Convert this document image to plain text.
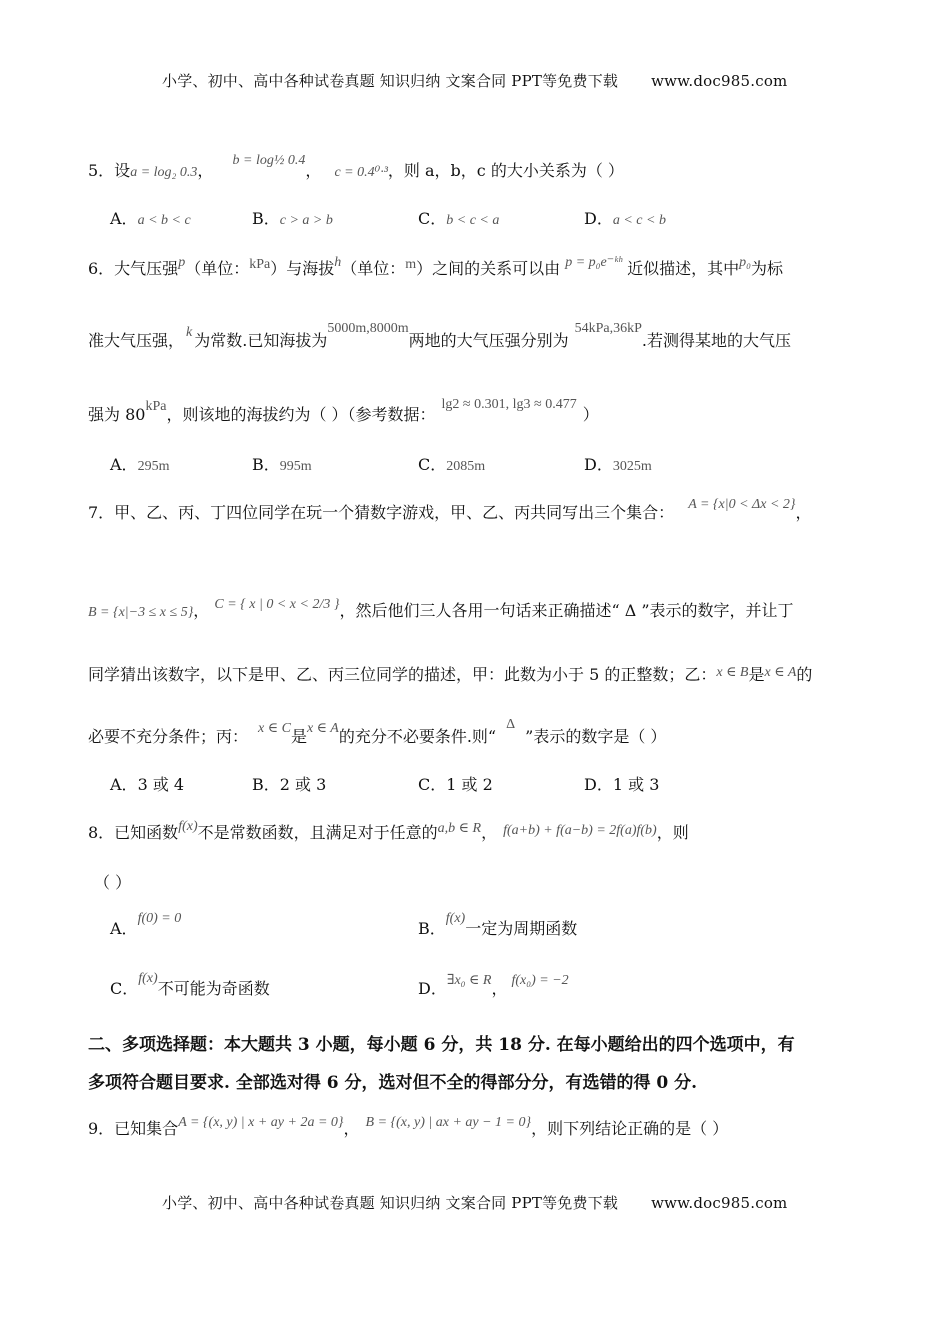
小学、初中、高中各种试卷真题 知识归纳 文案合同 PPT等免费下载 www.doc985.com
5．设a = log₂ 0.3， b = log½ 0.4， c = 0.4⁰·³，则 a，b，c 的大小关系为（ ）
A．a < b < c	B．c > a > b	C．b < c < a	D．a < c < b
6．大气压强p（单位：kPa）与海拔h（单位：m）之间的关系可以由 p = p₀e⁻ᵏʰ 近似描述，其中p₀为标
准大气压强， k 为常数.已知海拔为5000m,8000m两地的大气压强分别为54kPa,36kP.若测得某地的大气压
强为 80kPa，则该地的海拔约为（ ）（参考数据：lg2 ≈ 0.301, lg3 ≈ 0.477）
A．295m	B．995m	C．2085m	D．3025m
7．甲、乙、丙、丁四位同学在玩一个猜数字游戏，甲、乙、丙共同写出三个集合： A = {x|0 < Δx < 2}，
B = {x|−3 ≤ x ≤ 5}， C = { x | 0 < x < 2/3 }，然后他们三人各用一句话来正确描述“ Δ ”表示的数字，并让丁
同学猜出该数字，以下是甲、乙、丙三位同学的描述，甲：此数为小于 5 的正整数；乙：x ∈ B是x ∈ A的
必要不充分条件；丙： x ∈ C是x ∈ A的充分不必要条件.则“Δ”表示的数字是（ ）
A．3 或 4	B．2 或 3	C．1 或 2	D．1 或 3
8．已知函数f(x)不是常数函数，且满足对于任意的a,b ∈ R， f(a+b) + f(a−b) = 2f(a)f(b)，则
（ ）
A．f(0) = 0
B．f(x)一定为周期函数
C．f(x)不可能为奇函数	D．∃x₀ ∈ R， f(x₀) = −2
二、多项选择题：本大题共 3 小题，每小题 6 分，共 18 分. 在每小题给出的四个选项中，有
多项符合题目要求. 全部选对得 6 分，选对但不全的得部分分，有选错的得 0 分.
9．已知集合A = {(x, y) | x + ay + 2a = 0}， B = {(x, y) | ax + ay − 1 = 0}，则下列结论正确的是（ ）
小学、初中、高中各种试卷真题 知识归纳 文案合同 PPT等免费下载 www.doc985.com
